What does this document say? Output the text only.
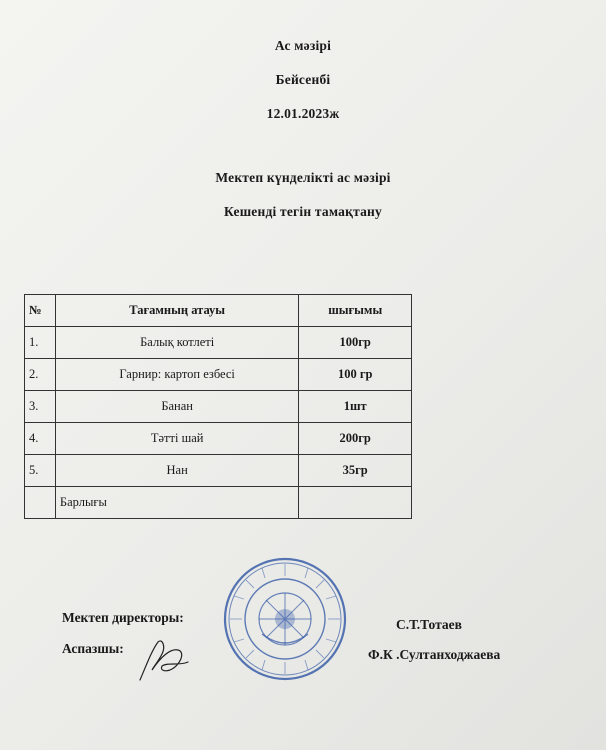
Ас мәзірі
Бейсенбі
12.01.2023ж
Мектеп күнделікті ас мәзірі
Кешенді тегін тамақтану
№	Тағамның атауы	шығымы
1.	Балық котлеті	100гр
2.	Гарнир: картоп езбесі	100 гр
3.	Банан	1шт
4.	Тәтті шай	200гр
5.	Нан	35гр
	Барлығы	
Мектеп директоры:	С.Т.Тотаев
Аспазшы:	Ф.К .Султанходжаева
